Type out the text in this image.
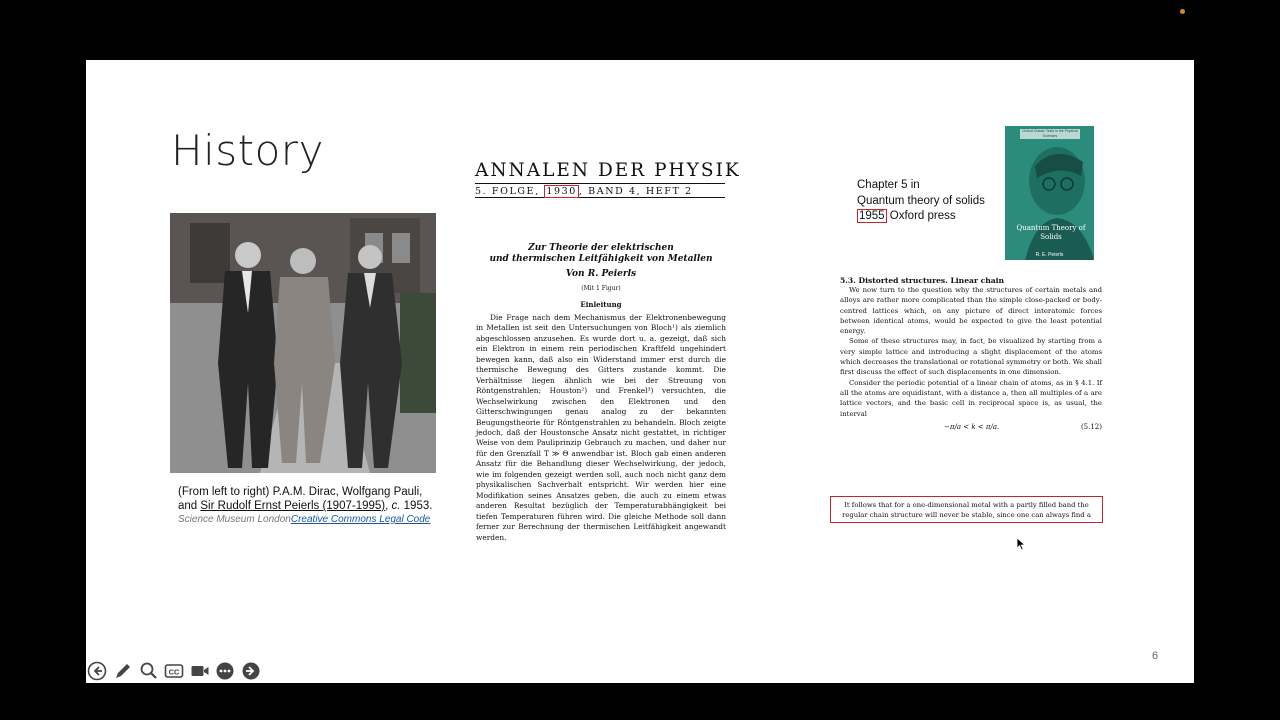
History
(From left to right) P.A.M. Dirac, Wolfgang Pauli,
and Sir Rudolf Ernst Peierls (1907-1995), c. 1953.
Science Museum LondonCreative Commons Legal Code
ANNALEN DER PHYSIK
5. FOLGE, 1930 , BAND 4, HEFT 2
Zur Theorie der elektrischen
und thermischen Leitfähigkeit von Metallen
Von R. Peierls
(Mit 1 Figur)
Einleitung
Die Frage nach dem Mechanismus der Elektronenbewegung in Metallen ist seit den Untersuchungen von Bloch¹) als ziemlich abgeschlossen anzusehen. Es wurde dort u. a. gezeigt, daß sich ein Elektron in einem rein periodischen Kraftfeld ungehindert bewegen kann, daß also ein Widerstand immer erst durch die thermische Bewegung des Gitters zustande kommt. Die Verhältnisse liegen ähnlich wie bei der Streuung von Röntgenstrahlen; Houston²) und Frenkel³) versuchten, die Wechselwirkung zwischen den Elektronen und den Gitterschwingungen genau analog zu der bekannten Beugungstheorie für Röntgenstrahlen zu behandeln. Bloch zeigte jedoch, daß der Houstonsche Ansatz nicht gestattet, in richtiger Weise von dem Pauliprinzip Gebrauch zu machen, und daher nur für den Grenzfall T ≫ Θ anwendbar ist. Bloch gab einen anderen Ansatz für die Behandlung dieser Wechselwirkung, der jedoch, wie im folgenden gezeigt werden soll, auch noch nicht ganz dem physikalischen Sachverhalt entspricht. Wir werden hier eine Modifikation seines Ansatzes geben, die auch zu einem etwas anderen Resultat bezüglich der Temperaturabhängigkeit bei tiefen Temperaturen führen wird. Die gleiche Methode soll dann ferner zur Berechnung der thermischen Leitfähigkeit angewandt werden.
Chapter 5 in
Quantum theory of solids
1955 Oxford press
Oxford Classic Texts in the Physical Sciences
Quantum Theory of Solids
R. E. Peierls
5.3. Distorted structures. Linear chain

We now turn to the question why the structures of certain metals and alloys are rather more complicated than the simple close-packed or body-centred lattices which, on any picture of direct interatomic forces between identical atoms, would be expected to give the least potential energy.

Some of these structures may, in fact, be visualized by starting from a very simple lattice and introducing a slight displacement of the atoms which decreases the translational or rotational symmetry or both. We shall first discuss the effect of such displacements in one dimension.

Consider the periodic potential of a linear chain of atoms, as in § 4.1. If all the atoms are equidistant, with a distance a, then all multiples of a are lattice vectors, and the basic cell in reciprocal space is, as usual, the interval

−π/a < k < π/a.	(5.12)
It follows that for a one-dimensional metal with a partly filled band the
regular chain structure will never be stable, since one can always find a
6
CC
